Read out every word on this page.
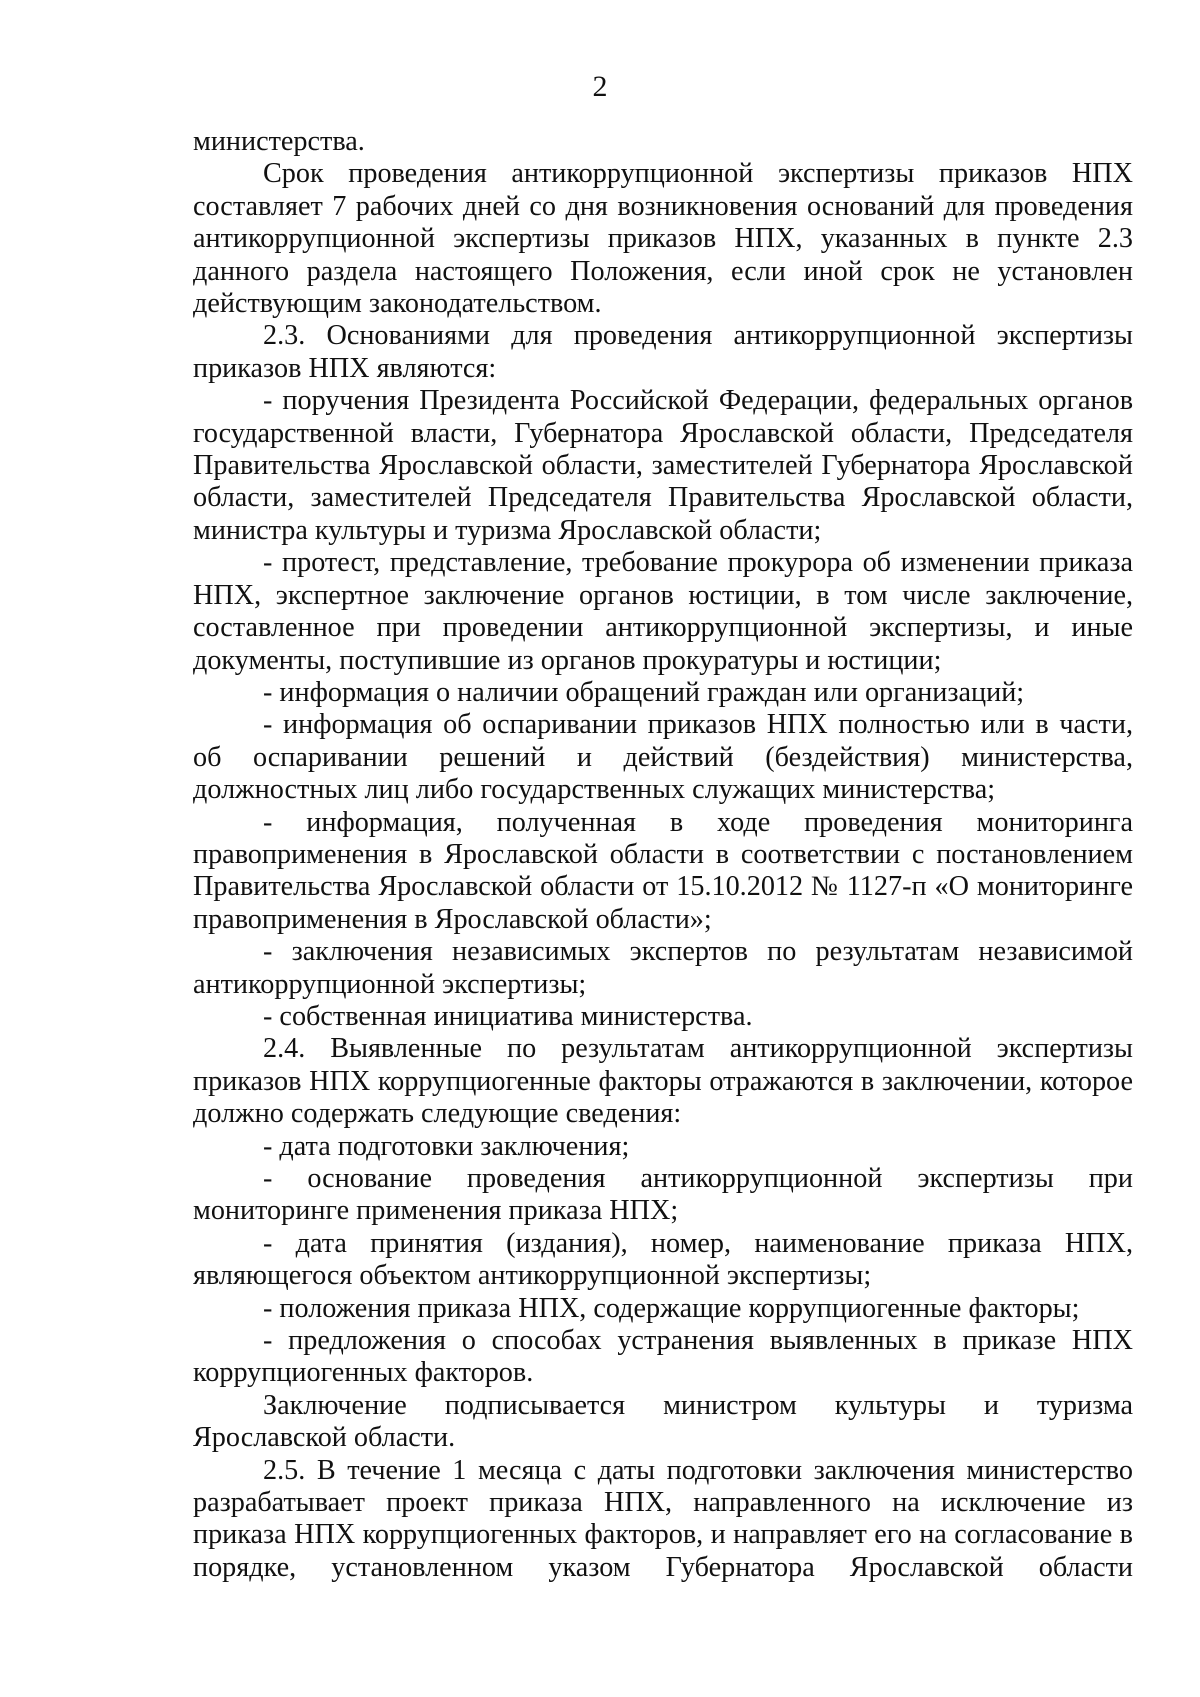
2

министерства.

Срок проведения антикоррупционной экспертизы приказов НПХ составляет 7 рабочих дней со дня возникновения оснований для проведения антикоррупционной экспертизы приказов НПХ, указанных в пункте 2.3 данного раздела настоящего Положения, если иной срок не установлен действующим законодательством.

2.3. Основаниями для проведения антикоррупционной экспертизы приказов НПХ являются:

- поручения Президента Российской Федерации, федеральных органов государственной власти, Губернатора Ярославской области, Председателя Правительства Ярославской области, заместителей Губернатора Ярославской области, заместителей Председателя Правительства Ярославской области, министра культуры и туризма Ярославской области;

- протест, представление, требование прокурора об изменении приказа НПХ, экспертное заключение органов юстиции, в том числе заключение, составленное при проведении антикоррупционной экспертизы, и иные документы, поступившие из органов прокуратуры и юстиции;

- информация о наличии обращений граждан или организаций;

- информация об оспаривании приказов НПХ полностью или в части, об оспаривании решений и действий (бездействия) министерства, должностных лиц либо государственных служащих министерства;

- информация, полученная в ходе проведения мониторинга правоприменения в Ярославской области в соответствии с постановлением Правительства Ярославской области от 15.10.2012 № 1127-п «О мониторинге правоприменения в Ярославской области»;

- заключения независимых экспертов по результатам независимой антикоррупционной экспертизы;

- собственная инициатива министерства.

2.4. Выявленные по результатам антикоррупционной экспертизы приказов НПХ коррупциогенные факторы отражаются в заключении, которое должно содержать следующие сведения:

- дата подготовки заключения;

- основание проведения антикоррупционной экспертизы при мониторинге применения приказа НПХ;

- дата принятия (издания), номер, наименование приказа НПХ, являющегося объектом антикоррупционной экспертизы;

- положения приказа НПХ, содержащие коррупциогенные факторы;

- предложения о способах устранения выявленных в приказе НПХ коррупциогенных факторов.

Заключение подписывается министром культуры и туризма Ярославской области.

2.5. В течение 1 месяца с даты подготовки заключения министерство разрабатывает проект приказа НПХ, направленного на исключение из приказа НПХ коррупциогенных факторов, и направляет его на согласование в порядке, установленном указом Губернатора Ярославской области
